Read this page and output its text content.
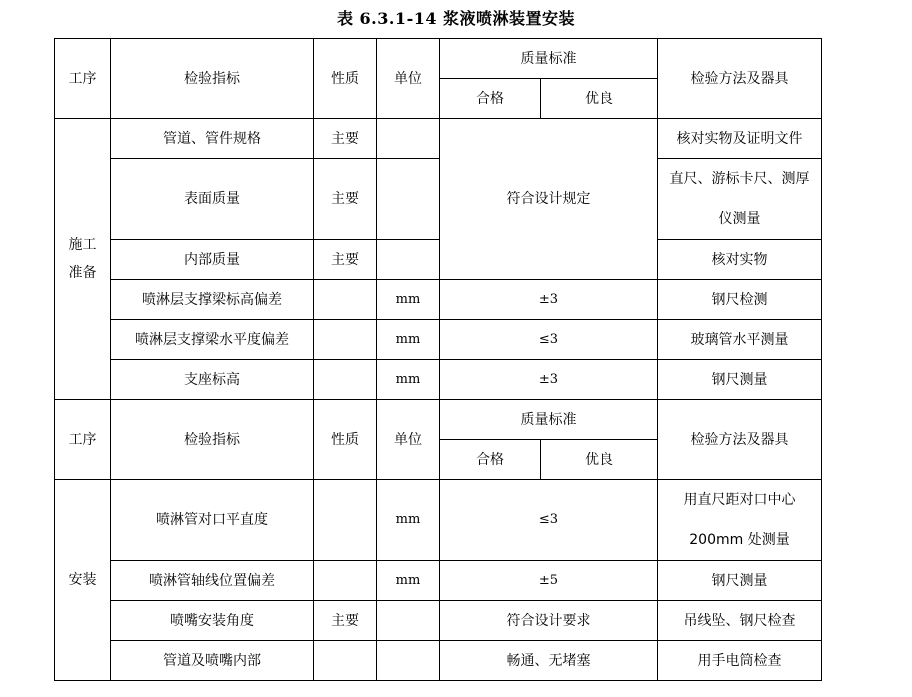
表 6.3.1-14 浆液喷淋装置安装
工序	检验指标	性质	单位	质量标准		检验方法及器具
				合格	优良	
施工
准备	管道、管件规格	主要		符合设计规定		核对实物及证明文件
	表面质量	主要				直尺、游标卡尺、测厚
仪测量
	内部质量	主要				核对实物
	喷淋层支撑梁标高偏差		mm	±3		钢尺检测
	喷淋层支撑梁水平度偏差		mm	≤3		玻璃管水平测量
	支座标高		mm	±3		钢尺测量
工序	检验指标	性质	单位	质量标准		检验方法及器具
				合格	优良	
安装	喷淋管对口平直度		mm	≤3		用直尺距对口中心
200mm 处测量
	喷淋管轴线位置偏差		mm	±5		钢尺测量
	喷嘴安装角度	主要		符合设计要求		吊线坠、钢尺检查
	管道及喷嘴内部			畅通、无堵塞		用手电筒检查
